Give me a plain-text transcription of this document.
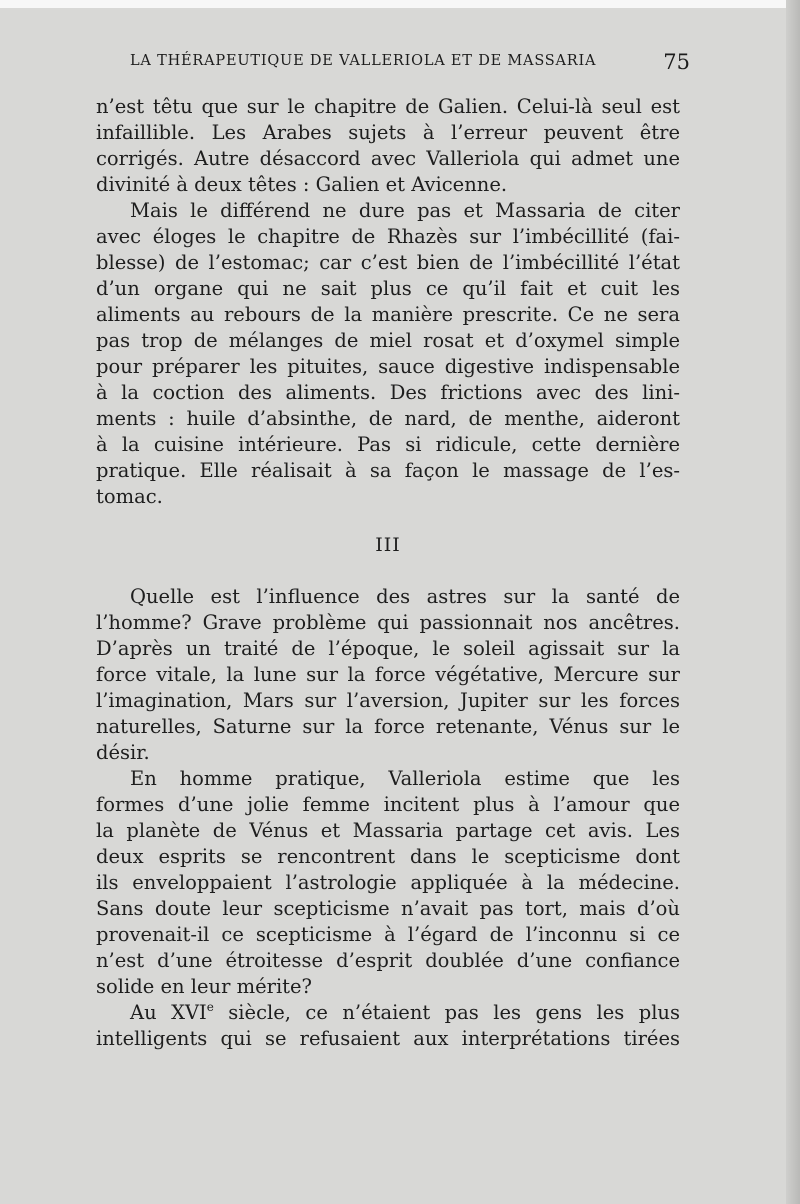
LA THÉRAPEUTIQUE DE VALLERIOLA ET DE MASSARIA	75
n’est têtu que sur le chapitre de Galien. Celui-là seul est
infaillible. Les Arabes sujets à l’erreur peuvent être
corrigés. Autre désaccord avec Valleriola qui admet une
divinité à deux têtes : Galien et Avicenne.
Mais le différend ne dure pas et Massaria de citer
avec éloges le chapitre de Rhazès sur l’imbécillité (fai-
blesse) de l’estomac; car c’est bien de l’imbécillité l’état
d’un organe qui ne sait plus ce qu’il fait et cuit les
aliments au rebours de la manière prescrite. Ce ne sera
pas trop de mélanges de miel rosat et d’oxymel simple
pour préparer les pituites, sauce digestive indispensable
à la coction des aliments. Des frictions avec des lini-
ments : huile d’absinthe, de nard, de menthe, aideront
à la cuisine intérieure. Pas si ridicule, cette dernière
pratique. Elle réalisait à sa façon le massage de l’es-
tomac.
III
Quelle est l’influence des astres sur la santé de
l’homme? Grave problème qui passionnait nos ancêtres.
D’après un traité de l’époque, le soleil agissait sur la
force vitale, la lune sur la force végétative, Mercure sur
l’imagination, Mars sur l’aversion, Jupiter sur les forces
naturelles, Saturne sur la force retenante, Vénus sur le
désir.
En homme pratique, Valleriola estime que les
formes d’une jolie femme incitent plus à l’amour que
la planète de Vénus et Massaria partage cet avis. Les
deux esprits se rencontrent dans le scepticisme dont
ils enveloppaient l’astrologie appliquée à la médecine.
Sans doute leur scepticisme n’avait pas tort, mais d’où
provenait-il ce scepticisme à l’égard de l’inconnu si ce
n’est d’une étroitesse d’esprit doublée d’une confiance
solide en leur mérite?
Au XVIe siècle, ce n’étaient pas les gens les plus
intelligents qui se refusaient aux interprétations tirées
